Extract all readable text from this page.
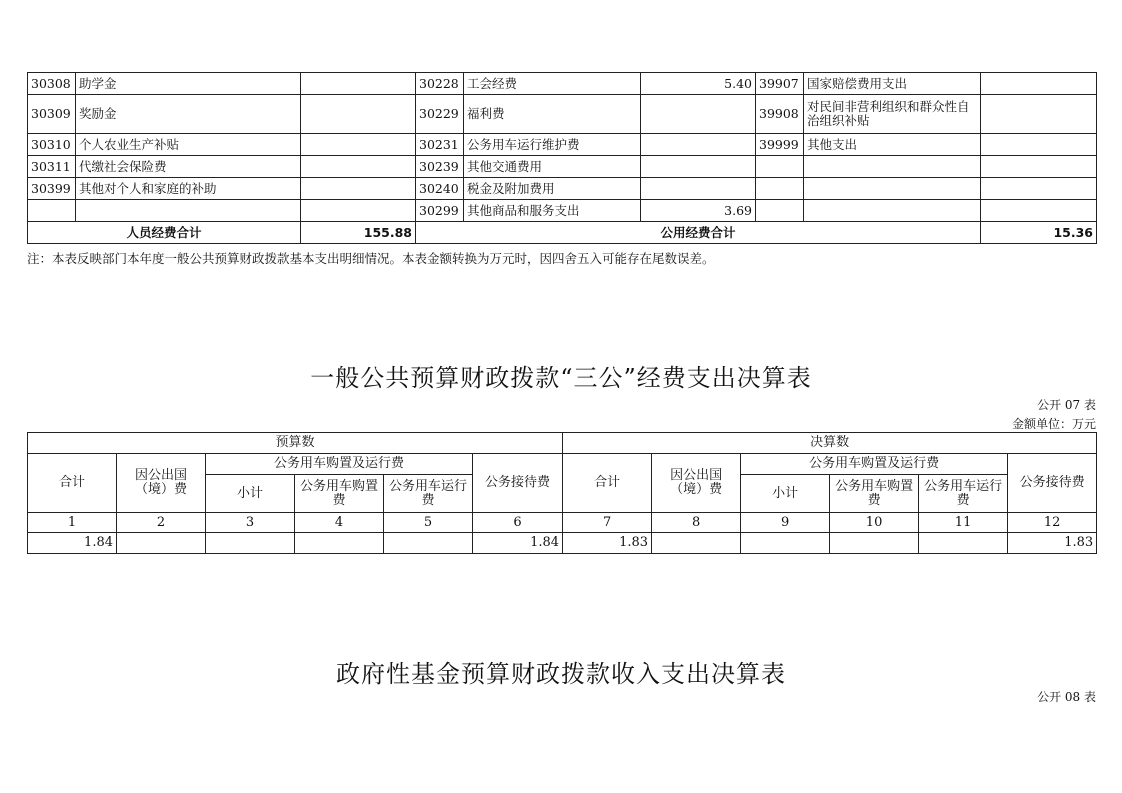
30308	助学金		30228	工会经费	5.40	39907	国家赔偿费用支出	
30309	奖励金		30229	福利费		39908	对民间非营利组织和群众性自治组织补贴	
30310	个人农业生产补贴		30231	公务用车运行维护费		39999	其他支出	
30311	代缴社会保险费		30239	其他交通费用				
30399	其他对个人和家庭的补助		30240	税金及附加费用				
			30299	其他商品和服务支出	3.69			
人员经费合计		155.88	公用经费合计					15.36
注：本表反映部门本年度一般公共预算财政拨款基本支出明细情况。本表金额转换为万元时，因四舍五入可能存在尾数误差。
一般公共预算财政拨款“三公”经费支出决算表
公开 07 表
金额单位：万元
预算数						决算数					
合计	因公出国（境）费	公务用车购置及运行费			公务接待费	合计	因公出国（境）费	公务用车购置及运行费			公务接待费
		小计	公务用车购置费	公务用车运行费				小计	公务用车购置费	公务用车运行费	
1	2	3	4	5	6	7	8	9	10	11	12
1.84					1.84	1.83					1.83
政府性基金预算财政拨款收入支出决算表
公开 08 表
